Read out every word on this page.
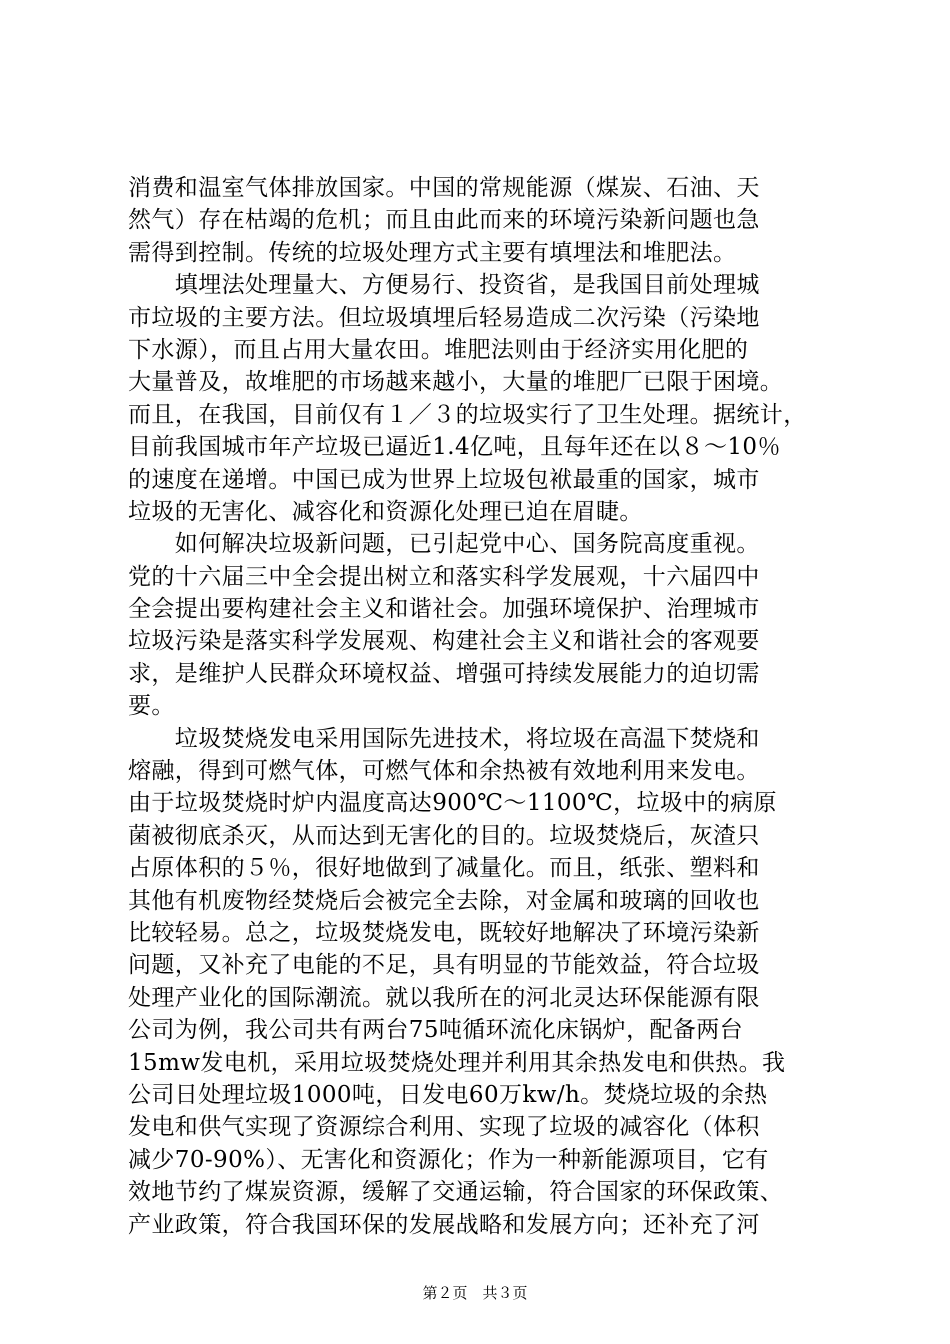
消费和温室气体排放国家。中国的常规能源（煤炭、石油、天
然气）存在枯竭的危机；而且由此而来的环境污染新问题也急
需得到控制。传统的垃圾处理方式主要有填埋法和堆肥法。
　　填埋法处理量大、方便易行、投资省，是我国目前处理城
市垃圾的主要方法。但垃圾填埋后轻易造成二次污染（污染地
下水源），而且占用大量农田。堆肥法则由于经济实用化肥的
大量普及，故堆肥的市场越来越小，大量的堆肥厂已限于困境。
而且，在我国，目前仅有１／３的垃圾实行了卫生处理。据统计，
目前我国城市年产垃圾已逼近1.4亿吨，且每年还在以８～10％
的速度在递增。中国已成为世界上垃圾包袱最重的国家，城市
垃圾的无害化、减容化和资源化处理已迫在眉睫。
　　如何解决垃圾新问题，已引起党中心、国务院高度重视。
党的十六届三中全会提出树立和落实科学发展观，十六届四中
全会提出要构建社会主义和谐社会。加强环境保护、治理城市
垃圾污染是落实科学发展观、构建社会主义和谐社会的客观要
求，是维护人民群众环境权益、增强可持续发展能力的迫切需
要。
　　垃圾焚烧发电采用国际先进技术，将垃圾在高温下焚烧和
熔融，得到可燃气体，可燃气体和余热被有效地利用来发电。
由于垃圾焚烧时炉内温度高达900℃～1100℃，垃圾中的病原
菌被彻底杀灭，从而达到无害化的目的。垃圾焚烧后，灰渣只
占原体积的５％，很好地做到了减量化。而且，纸张、塑料和
其他有机废物经焚烧后会被完全去除，对金属和玻璃的回收也
比较轻易。总之，垃圾焚烧发电，既较好地解决了环境污染新
问题，又补充了电能的不足，具有明显的节能效益，符合垃圾
处理产业化的国际潮流。就以我所在的河北灵达环保能源有限
公司为例，我公司共有两台75吨循环流化床锅炉，配备两台
15mw发电机，采用垃圾焚烧处理并利用其余热发电和供热。我
公司日处理垃圾1000吨，日发电60万kw/h。焚烧垃圾的余热
发电和供气实现了资源综合利用、实现了垃圾的减容化（体积
减少70-90%）、无害化和资源化；作为一种新能源项目，它有
效地节约了煤炭资源，缓解了交通运输，符合国家的环保政策、
产业政策，符合我国环保的发展战略和发展方向；还补充了河
第２页　共３页
